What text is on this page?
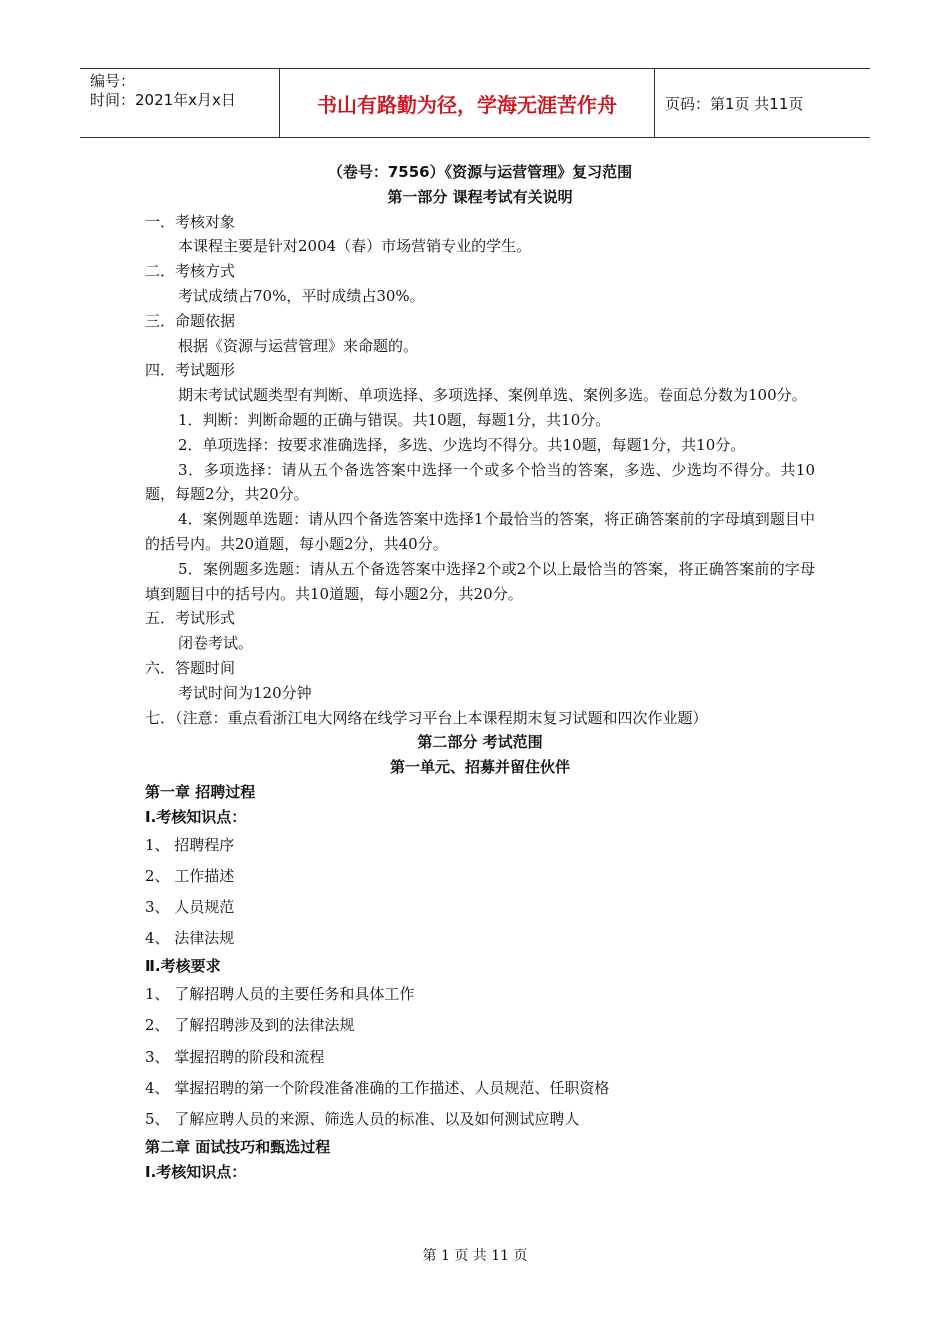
编号：
时间：2021年x月x日	书山有路勤为径，学海无涯苦作舟	页码：第1页 共11页
（卷号：7556）《资源与运营管理》复习范围
第一部分 课程考试有关说明
一．考核对象
本课程主要是针对2004（春）市场营销专业的学生。
二．考核方式
考试成绩占70%，平时成绩占30%。
三．命题依据
根据《资源与运营管理》来命题的。
四．考试题形
期末考试试题类型有判断、单项选择、多项选择、案例单选、案例多选。卷面总分数为100分。
1．判断：判断命题的正确与错误。共10题，每题1分，共10分。
2．单项选择：按要求准确选择，多选、少选均不得分。共10题，每题1分，共10分。
3．多项选择：请从五个备选答案中选择一个或多个恰当的答案，多选、少选均不得分。共10题，每题2分，共20分。
4．案例题单选题：请从四个备选答案中选择1个最恰当的答案，将正确答案前的字母填到题目中的括号内。共20道题，每小题2分，共40分。
5．案例题多选题：请从五个备选答案中选择2个或2个以上最恰当的答案，将正确答案前的字母填到题目中的括号内。共10道题，每小题2分，共20分。
五．考试形式
闭卷考试。
六．答题时间
考试时间为120分钟
七．（注意：重点看浙江电大网络在线学习平台上本课程期末复习试题和四次作业题）
第二部分 考试范围
第一单元、招募并留住伙伴
第一章 招聘过程
Ⅰ.考核知识点：
1、 招聘程序
2、 工作描述
3、 人员规范
4、 法律法规
Ⅱ.考核要求
1、 了解招聘人员的主要任务和具体工作
2、 了解招聘涉及到的法律法规
3、 掌握招聘的阶段和流程
4、 掌握招聘的第一个阶段准备准确的工作描述、人员规范、任职资格
5、 了解应聘人员的来源、筛选人员的标准、以及如何测试应聘人
第二章 面试技巧和甄选过程
Ⅰ.考核知识点：
第 1 页 共 11 页
